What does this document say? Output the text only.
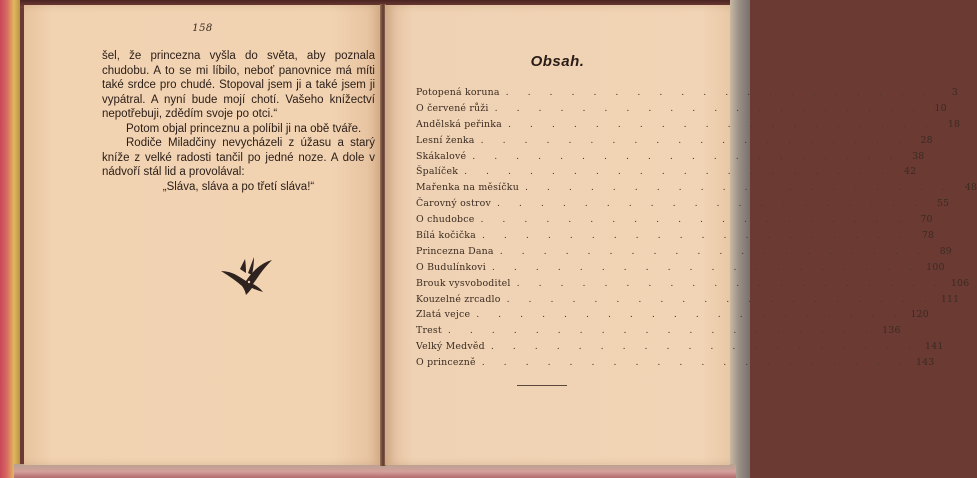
158

šel, že princezna vyšla do světa, aby poznala chudobu. A to se mi líbilo, neboť panovnice má míti také srdce pro chudé. Stopoval jsem ji a také jsem ji vypátral. A nyní bude mojí chotí. Vašeho knížectví nepotřebuji, zdědím svoje po otci.“

Potom objal princeznu a políbil ji na obě tváře.

Rodiče Miladčiny nevycházeli z úžasu a starý kníže z velké radosti tančil po jedné noze. A dole v nádvoří stál lid a provolával:

„Sláva, sláva a po třetí sláva!“

Obsah.
Potopená koruna . . . . . . . . . . . . . . . . . . . .	3
O červené růži . . . . . . . . . . . . . . . . . . . .	10
Andělská peřinka . . . . . . . . . . . . . . . . . . . .	18
Lesní ženka . . . . . . . . . . . . . . . . . . . .	28
Skákalové . . . . . . . . . . . . . . . . . . . .	38
Špalíček . . . . . . . . . . . . . . . . . . . .	42
Mařenka na měsíčku . . . . . . . . . . . . . . . . . . . .	48
Čarovný ostrov . . . . . . . . . . . . . . . . . . . .	55
O chudobce . . . . . . . . . . . . . . . . . . . .	70
Bílá kočička . . . . . . . . . . . . . . . . . . . .	78
Princezna Dana . . . . . . . . . . . . . . . . . . . .	89
O Budulínkovi . . . . . . . . . . . . . . . . . . . . 100
Brouk vysvoboditel . . . . . . . . . . . . . . . . . . . . 106
Kouzelné zrcadlo . . . . . . . . . . . . . . . . . . . . 111
Zlatá vejce . . . . . . . . . . . . . . . . . . . . 120
Trest . . . . . . . . . . . . . . . . . . . . 136
Velký Medvěd . . . . . . . . . . . . . . . . . . . . 141
O princezně . . . . . . . . . . . . . . . . . . . . 143
